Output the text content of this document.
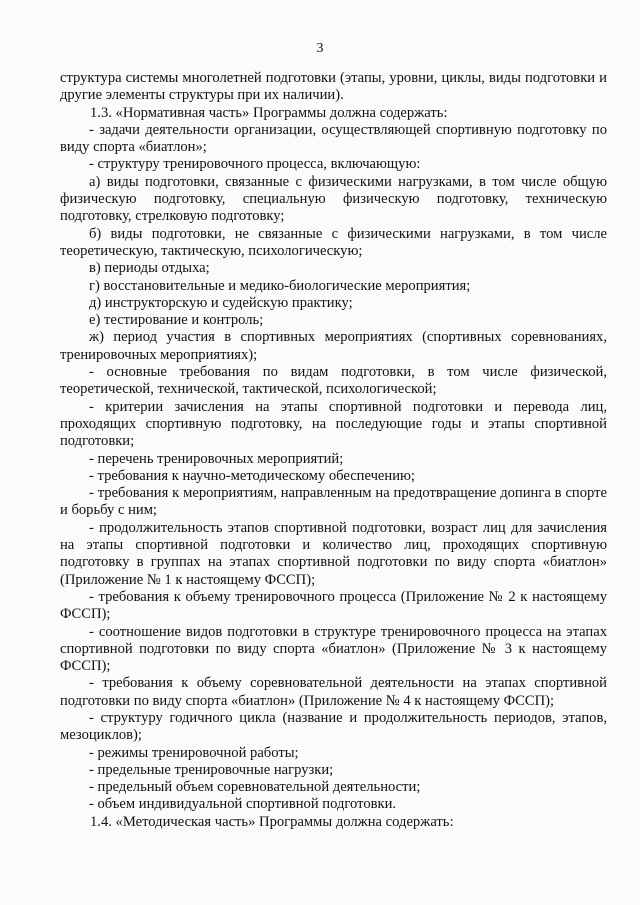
3

структура системы многолетней подготовки (этапы, уровни, циклы, виды подготовки и другие элементы структуры при их наличии).

1.3. «Нормативная часть» Программы должна содержать:

- задачи деятельности организации, осуществляющей спортивную подготовку по виду спорта «биатлон»;

- структуру тренировочного процесса, включающую:

а) виды подготовки, связанные с физическими нагрузками, в том числе общую физическую подготовку, специальную физическую подготовку, техническую подготовку, стрелковую подготовку;

б) виды подготовки, не связанные с физическими нагрузками, в том числе теоретическую, тактическую, психологическую;

в) периоды отдыха;

г) восстановительные и медико-биологические мероприятия;

д) инструкторскую и судейскую практику;

е) тестирование и контроль;

ж) период участия в спортивных мероприятиях (спортивных соревнованиях, тренировочных мероприятиях);

- основные требования по видам подготовки, в том числе физической, теоретической, технической, тактической, психологической;

- критерии зачисления на этапы спортивной подготовки и перевода лиц, проходящих спортивную подготовку, на последующие годы и этапы спортивной подготовки;

- перечень тренировочных мероприятий;

- требования к научно-методическому обеспечению;

- требования к мероприятиям, направленным на предотвращение допинга в спорте и борьбу с ним;

- продолжительность этапов спортивной подготовки, возраст лиц для зачисления на этапы спортивной подготовки и количество лиц, проходящих спортивную подготовку в группах на этапах спортивной подготовки по виду спорта «биатлон» (Приложение № 1 к настоящему ФССП);

- требования к объему тренировочного процесса (Приложение № 2 к настоящему ФССП);

- соотношение видов подготовки в структуре тренировочного процесса на этапах спортивной подготовки по виду спорта «биатлон» (Приложение № 3 к настоящему ФССП);

- требования к объему соревновательной деятельности на этапах спортивной подготовки по виду спорта «биатлон» (Приложение № 4 к настоящему ФССП);

- структуру годичного цикла (название и продолжительность периодов, этапов, мезоциклов);

- режимы тренировочной работы;

- предельные тренировочные нагрузки;

- предельный объем соревновательной деятельности;

- объем индивидуальной спортивной подготовки.

1.4. «Методическая часть» Программы должна содержать:
